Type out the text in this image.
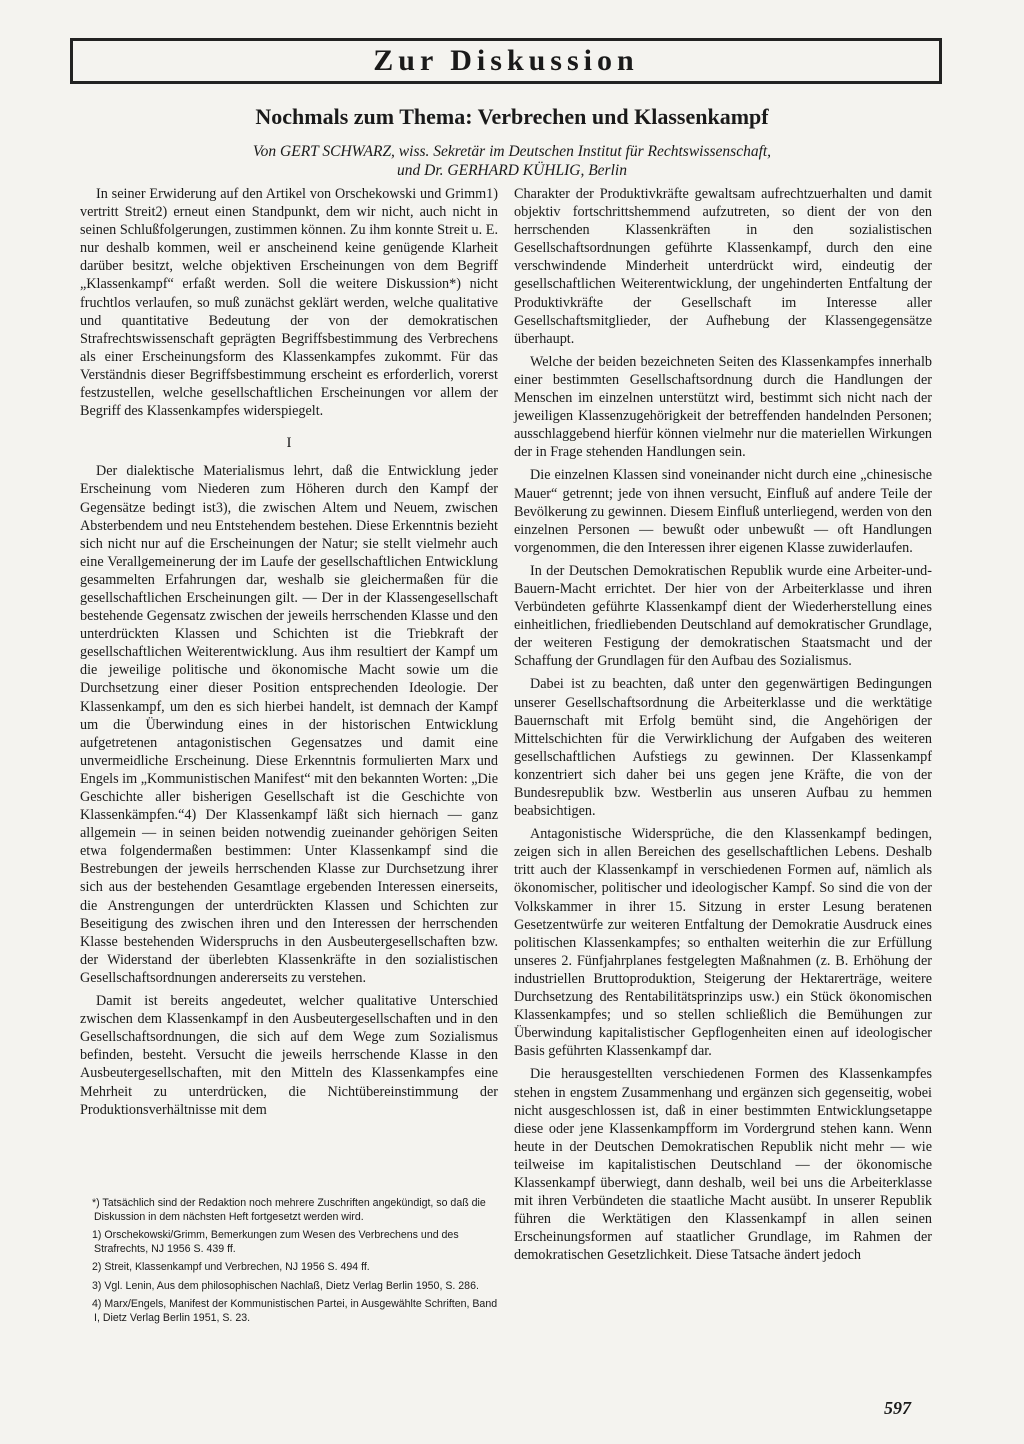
Zur Diskussion
Nochmals zum Thema: Verbrechen und Klassenkampf
Von GERT SCHWARZ, wiss. Sekretär im Deutschen Institut für Rechtswissenschaft,
und Dr. GERHARD KÜHLIG, Berlin

In seiner Erwiderung auf den Artikel von Orschekowski und Grimm1) vertritt Streit2) erneut einen Standpunkt, dem wir nicht, auch nicht in seinen Schlußfolgerungen, zustimmen können. Zu ihm konnte Streit u. E. nur deshalb kommen, weil er anscheinend keine genügende Klarheit darüber besitzt, welche objektiven Erscheinungen von dem Begriff „Klassenkampf“ erfaßt werden. Soll die weitere Diskussion*) nicht fruchtlos verlaufen, so muß zunächst geklärt werden, welche qualitative und quantitative Bedeutung der von der demokratischen Strafrechtswissenschaft geprägten Begriffsbestimmung des Verbrechens als einer Erscheinungsform des Klassenkampfes zukommt. Für das Verständnis dieser Begriffsbestimmung erscheint es erforderlich, vorerst festzustellen, welche gesellschaftlichen Erscheinungen vor allem der Begriff des Klassenkampfes widerspiegelt.

I

Der dialektische Materialismus lehrt, daß die Entwicklung jeder Erscheinung vom Niederen zum Höheren durch den Kampf der Gegensätze bedingt ist3), die zwischen Altem und Neuem, zwischen Absterbendem und neu Entstehendem bestehen. Diese Erkenntnis bezieht sich nicht nur auf die Erscheinungen der Natur; sie stellt vielmehr auch eine Verallgemeinerung der im Laufe der gesellschaftlichen Entwicklung gesammelten Erfahrungen dar, weshalb sie gleichermaßen für die gesellschaftlichen Erscheinungen gilt. — Der in der Klassengesellschaft bestehende Gegensatz zwischen der jeweils herrschenden Klasse und den unterdrückten Klassen und Schichten ist die Triebkraft der gesellschaftlichen Weiterentwicklung. Aus ihm resultiert der Kampf um die jeweilige politische und ökonomische Macht sowie um die Durchsetzung einer dieser Position entsprechenden Ideologie. Der Klassenkampf, um den es sich hierbei handelt, ist demnach der Kampf um die Überwindung eines in der historischen Entwicklung aufgetretenen antagonistischen Gegensatzes und damit eine unvermeidliche Erscheinung. Diese Erkenntnis formulierten Marx und Engels im „Kommunistischen Manifest“ mit den bekannten Worten: „Die Geschichte aller bisherigen Gesellschaft ist die Geschichte von Klassenkämpfen.“4) Der Klassenkampf läßt sich hiernach — ganz allgemein — in seinen beiden notwendig zueinander gehörigen Seiten etwa folgendermaßen bestimmen: Unter Klassenkampf sind die Bestrebungen der jeweils herrschenden Klasse zur Durchsetzung ihrer sich aus der bestehenden Gesamtlage ergebenden Interessen einerseits, die Anstrengungen der unterdrückten Klassen und Schichten zur Beseitigung des zwischen ihren und den Interessen der herrschenden Klasse bestehenden Widerspruchs in den Ausbeutergesellschaften bzw. der Widerstand der überlebten Klassenkräfte in den sozialistischen Gesellschaftsordnungen andererseits zu verstehen.

Damit ist bereits angedeutet, welcher qualitative Unterschied zwischen dem Klassenkampf in den Ausbeutergesellschaften und in den Gesellschaftsordnungen, die sich auf dem Wege zum Sozialismus befinden, besteht. Versucht die jeweils herrschende Klasse in den Ausbeutergesellschaften, mit den Mitteln des Klassenkampfes eine Mehrheit zu unterdrücken, die Nichtübereinstimmung der Produktionsverhältnisse mit dem

*) Tatsächlich sind der Redaktion noch mehrere Zuschriften angekündigt, so daß die Diskussion in dem nächsten Heft fortgesetzt werden wird.
1) Orschekowski/Grimm, Bemerkungen zum Wesen des Verbrechens und des Strafrechts, NJ 1956 S. 439 ff.
2) Streit, Klassenkampf und Verbrechen, NJ 1956 S. 494 ff.
3) Vgl. Lenin, Aus dem philosophischen Nachlaß, Dietz Verlag Berlin 1950, S. 286.
4) Marx/Engels, Manifest der Kommunistischen Partei, in Ausgewählte Schriften, Band I, Dietz Verlag Berlin 1951, S. 23.

Charakter der Produktivkräfte gewaltsam aufrechtzuerhalten und damit objektiv fortschrittshemmend aufzutreten, so dient der von den herrschenden Klassenkräften in den sozialistischen Gesellschaftsordnungen geführte Klassenkampf, durch den eine verschwindende Minderheit unterdrückt wird, eindeutig der gesellschaftlichen Weiterentwicklung, der ungehinderten Entfaltung der Produktivkräfte der Gesellschaft im Interesse aller Gesellschaftsmitglieder, der Aufhebung der Klassengegensätze überhaupt.

Welche der beiden bezeichneten Seiten des Klassenkampfes innerhalb einer bestimmten Gesellschaftsordnung durch die Handlungen der Menschen im einzelnen unterstützt wird, bestimmt sich nicht nach der jeweiligen Klassenzugehörigkeit der betreffenden handelnden Personen; ausschlaggebend hierfür können vielmehr nur die materiellen Wirkungen der in Frage stehenden Handlungen sein.

Die einzelnen Klassen sind voneinander nicht durch eine „chinesische Mauer“ getrennt; jede von ihnen versucht, Einfluß auf andere Teile der Bevölkerung zu gewinnen. Diesem Einfluß unterliegend, werden von den einzelnen Personen — bewußt oder unbewußt — oft Handlungen vorgenommen, die den Interessen ihrer eigenen Klasse zuwiderlaufen.

In der Deutschen Demokratischen Republik wurde eine Arbeiter-und-Bauern-Macht errichtet. Der hier von der Arbeiterklasse und ihren Verbündeten geführte Klassenkampf dient der Wiederherstellung eines einheitlichen, friedliebenden Deutschland auf demokratischer Grundlage, der weiteren Festigung der demokratischen Staatsmacht und der Schaffung der Grundlagen für den Aufbau des Sozialismus.

Dabei ist zu beachten, daß unter den gegenwärtigen Bedingungen unserer Gesellschaftsordnung die Arbeiterklasse und die werktätige Bauernschaft mit Erfolg bemüht sind, die Angehörigen der Mittelschichten für die Verwirklichung der Aufgaben des weiteren gesellschaftlichen Aufstiegs zu gewinnen. Der Klassenkampf konzentriert sich daher bei uns gegen jene Kräfte, die von der Bundesrepublik bzw. Westberlin aus unseren Aufbau zu hemmen beabsichtigen.

Antagonistische Widersprüche, die den Klassenkampf bedingen, zeigen sich in allen Bereichen des gesellschaftlichen Lebens. Deshalb tritt auch der Klassenkampf in verschiedenen Formen auf, nämlich als ökonomischer, politischer und ideologischer Kampf. So sind die von der Volkskammer in ihrer 15. Sitzung in erster Lesung beratenen Gesetzentwürfe zur weiteren Entfaltung der Demokratie Ausdruck eines politischen Klassenkampfes; so enthalten weiterhin die zur Erfüllung unseres 2. Fünfjahrplanes festgelegten Maßnahmen (z. B. Erhöhung der industriellen Bruttoproduktion, Steigerung der Hektarerträge, weitere Durchsetzung des Rentabilitätsprinzips usw.) ein Stück ökonomischen Klassenkampfes; und so stellen schließlich die Bemühungen zur Überwindung kapitalistischer Gepflogenheiten einen auf ideologischer Basis geführten Klassenkampf dar.

Die herausgestellten verschiedenen Formen des Klassenkampfes stehen in engstem Zusammenhang und ergänzen sich gegenseitig, wobei nicht ausgeschlossen ist, daß in einer bestimmten Entwicklungsetappe diese oder jene Klassenkampfform im Vordergrund stehen kann. Wenn heute in der Deutschen Demokratischen Republik nicht mehr — wie teilweise im kapitalistischen Deutschland — der ökonomische Klassenkampf überwiegt, dann deshalb, weil bei uns die Arbeiterklasse mit ihren Verbündeten die staatliche Macht ausübt. In unserer Republik führen die Werktätigen den Klassenkampf in allen seinen Erscheinungsformen auf staatlicher Grundlage, im Rahmen der demokratischen Gesetzlichkeit. Diese Tatsache ändert jedoch

597
